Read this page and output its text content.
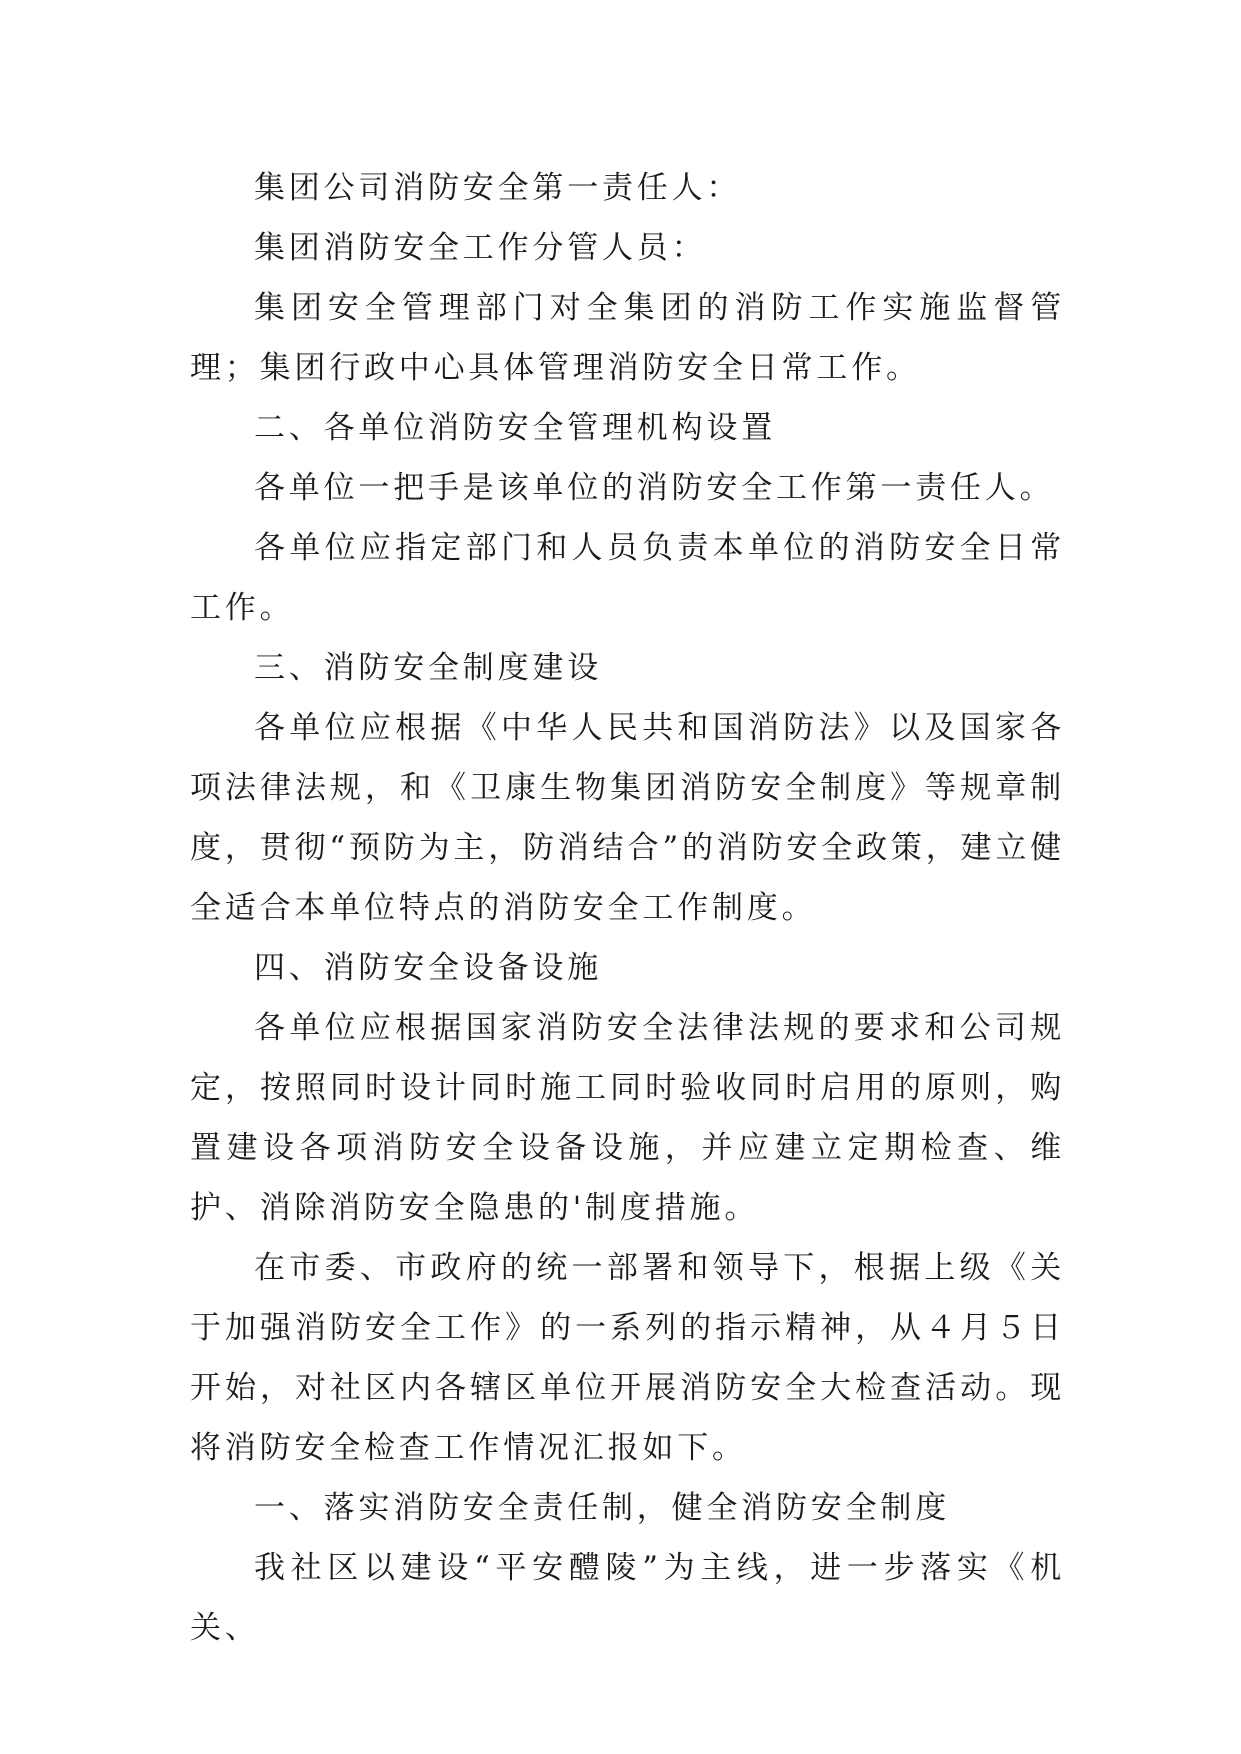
集团公司消防安全第一责任人：

集团消防安全工作分管人员：

集团安全管理部门对全集团的消防工作实施监督管理；集团行政中心具体管理消防安全日常工作。

二、各单位消防安全管理机构设置

各单位一把手是该单位的消防安全工作第一责任人。

各单位应指定部门和人员负责本单位的消防安全日常工作。

三、消防安全制度建设

各单位应根据《中华人民共和国消防法》以及国家各项法律法规，和《卫康生物集团消防安全制度》等规章制度，贯彻“预防为主，防消结合”的消防安全政策，建立健全适合本单位特点的消防安全工作制度。

四、消防安全设备设施

各单位应根据国家消防安全法律法规的要求和公司规定，按照同时设计同时施工同时验收同时启用的原则，购置建设各项消防安全设备设施，并应建立定期检查、维护、消除消防安全隐患的'制度措施。

在市委、市政府的统一部署和领导下，根据上级《关于加强消防安全工作》的一系列的指示精神，从４月５日开始，对社区内各辖区单位开展消防安全大检查活动。现将消防安全检查工作情况汇报如下。

一、落实消防安全责任制，健全消防安全制度

我社区以建设“平安醴陵”为主线，进一步落实《机关、
